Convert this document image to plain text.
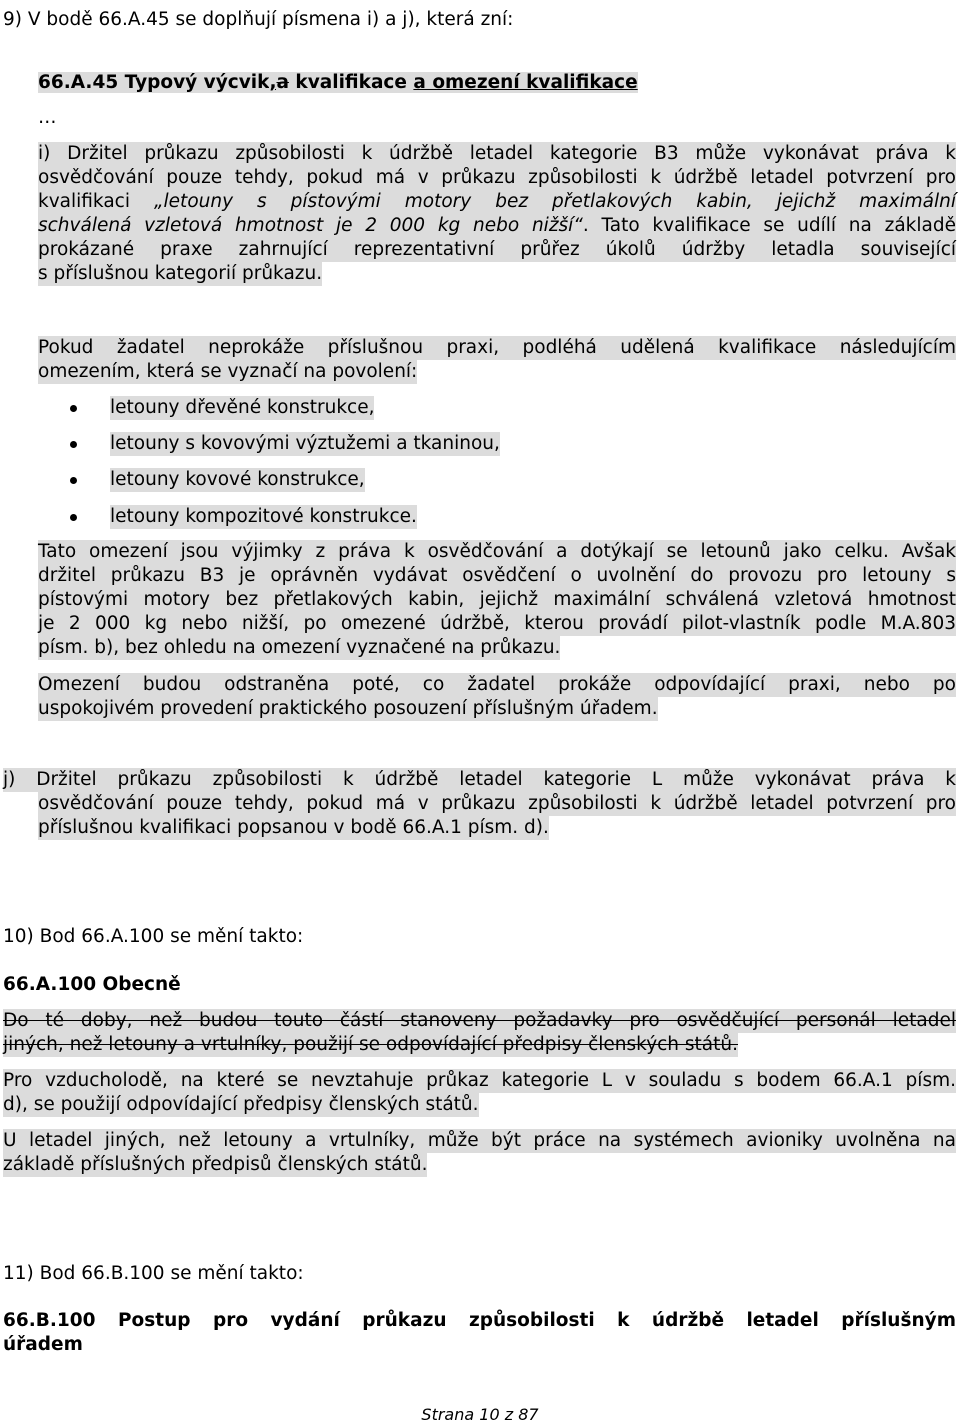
9) V bodě 66.A.45 se doplňují písmena i) a j), která zní:
66.A.45 Typový výcvik,a kvalifikace a omezení kvalifikace
…
i) Držitel průkazu způsobilosti k údržbě letadel kategorie B3 může vykonávat práva k
osvědčování pouze tehdy, pokud má v průkazu způsobilosti k údržbě letadel potvrzení pro
kvalifikaci „letouny s pístovými motory bez přetlakových kabin, jejichž maximální
schválená vzletová hmotnost je 2 000 kg nebo nižší“. Tato kvalifikace se udílí na základě
prokázané praxe zahrnující reprezentativní průřez úkolů údržby letadla související
s příslušnou kategorií průkazu.
Pokud žadatel neprokáže příslušnou praxi, podléhá udělená kvalifikace následujícím
omezením, která se vyznačí na povolení:
letouny dřevěné konstrukce,
letouny s kovovými výztužemi a tkaninou,
letouny kovové konstrukce,
letouny kompozitové konstrukce.
Tato omezení jsou výjimky z práva k osvědčování a dotýkají se letounů jako celku. Avšak
držitel průkazu B3 je oprávněn vydávat osvědčení o uvolnění do provozu pro letouny s
pístovými motory bez přetlakových kabin, jejichž maximální schválená vzletová hmotnost
je 2 000 kg nebo nižší, po omezené údržbě, kterou provádí pilot-vlastník podle M.A.803
písm. b), bez ohledu na omezení vyznačené na průkazu.
Omezení budou odstraněna poté, co žadatel prokáže odpovídající praxi, nebo po
uspokojivém provedení praktického posouzení příslušným úřadem.
j) Držitel průkazu způsobilosti k údržbě letadel kategorie L může vykonávat práva k
osvědčování pouze tehdy, pokud má v průkazu způsobilosti k údržbě letadel potvrzení pro
příslušnou kvalifikaci popsanou v bodě 66.A.1 písm. d).
10) Bod 66.A.100 se mění takto:
66.A.100 Obecně
Do té doby, než budou touto částí stanoveny požadavky pro osvědčující personál letadel
jiných, než letouny a vrtulníky, použijí se odpovídající předpisy členských států.
Pro vzducholodě, na které se nevztahuje průkaz kategorie L v souladu s bodem 66.A.1 písm.
d), se použijí odpovídající předpisy členských států.
U letadel jiných, než letouny a vrtulníky, může být práce na systémech avioniky uvolněna na
základě příslušných předpisů členských států.
11) Bod 66.B.100 se mění takto:
66.B.100 Postup pro vydání průkazu způsobilosti k údržbě letadel příslušným
úřadem
Strana 10 z 87
